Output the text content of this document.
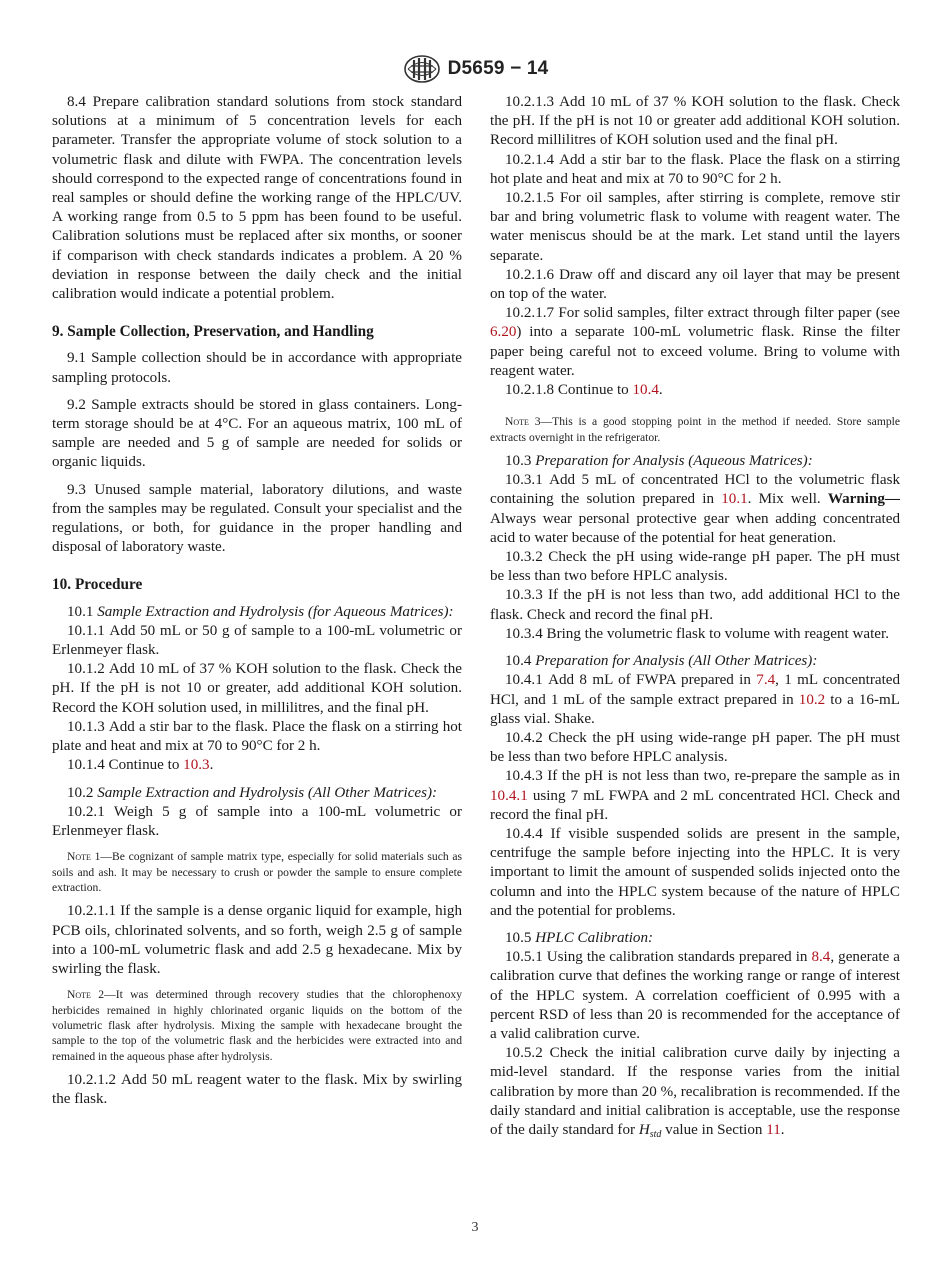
D5659 − 14

8.4 Prepare calibration standard solutions from stock standard solutions at a minimum of 5 concentration levels for each parameter. Transfer the appropriate volume of stock solution to a volumetric flask and dilute with FWPA. The concentration levels should correspond to the expected range of concentrations found in real samples or should define the working range of the HPLC/UV. A working range from 0.5 to 5 ppm has been found to be useful. Calibration solutions must be replaced after six months, or sooner if comparison with check standards indicates a problem. A 20 % deviation in response between the daily check and the initial calibration would indicate a potential problem.

9. Sample Collection, Preservation, and Handling

9.1 Sample collection should be in accordance with appropriate sampling protocols.

9.2 Sample extracts should be stored in glass containers. Long-term storage should be at 4°C. For an aqueous matrix, 100 mL of sample are needed and 5 g of sample are needed for solids or organic liquids.

9.3 Unused sample material, laboratory dilutions, and waste from the samples may be regulated. Consult your specialist and the regulations, or both, for guidance in the proper handling and disposal of laboratory waste.

10. Procedure

10.1 Sample Extraction and Hydrolysis (for Aqueous Matrices):

10.1.1 Add 50 mL or 50 g of sample to a 100-mL volumetric or Erlenmeyer flask.

10.1.2 Add 10 mL of 37 % KOH solution to the flask. Check the pH. If the pH is not 10 or greater, add additional KOH solution. Record the KOH solution used, in millilitres, and the final pH.

10.1.3 Add a stir bar to the flask. Place the flask on a stirring hot plate and heat and mix at 70 to 90°C for 2 h.

10.1.4 Continue to 10.3.

10.2 Sample Extraction and Hydrolysis (All Other Matrices):

10.2.1 Weigh 5 g of sample into a 100-mL volumetric or Erlenmeyer flask.

Note 1—Be cognizant of sample matrix type, especially for solid materials such as soils and ash. It may be necessary to crush or powder the sample to ensure complete extraction.

10.2.1.1 If the sample is a dense organic liquid for example, high PCB oils, chlorinated solvents, and so forth, weigh 2.5 g of sample into a 100-mL volumetric flask and add 2.5 g hexadecane. Mix by swirling the flask.

Note 2—It was determined through recovery studies that the chlorophenoxy herbicides remained in highly chlorinated organic liquids on the bottom of the volumetric flask after hydrolysis. Mixing the sample with hexadecane brought the sample to the top of the volumetric flask and the herbicides were extracted into and remained in the aqueous phase after hydrolysis.

10.2.1.2 Add 50 mL reagent water to the flask. Mix by swirling the flask.

10.2.1.3 Add 10 mL of 37 % KOH solution to the flask. Check the pH. If the pH is not 10 or greater add additional KOH solution. Record millilitres of KOH solution used and the final pH.

10.2.1.4 Add a stir bar to the flask. Place the flask on a stirring hot plate and heat and mix at 70 to 90°C for 2 h.

10.2.1.5 For oil samples, after stirring is complete, remove stir bar and bring volumetric flask to volume with reagent water. The water meniscus should be at the mark. Let stand until the layers separate.

10.2.1.6 Draw off and discard any oil layer that may be present on top of the water.

10.2.1.7 For solid samples, filter extract through filter paper (see 6.20) into a separate 100-mL volumetric flask. Rinse the filter paper being careful not to exceed volume. Bring to volume with reagent water.

10.2.1.8 Continue to 10.4.

Note 3—This is a good stopping point in the method if needed. Store sample extracts overnight in the refrigerator.

10.3 Preparation for Analysis (Aqueous Matrices):

10.3.1 Add 5 mL of concentrated HCl to the volumetric flask containing the solution prepared in 10.1. Mix well. Warning—Always wear personal protective gear when adding concentrated acid to water because of the potential for heat generation.

10.3.2 Check the pH using wide-range pH paper. The pH must be less than two before HPLC analysis.

10.3.3 If the pH is not less than two, add additional HCl to the flask. Check and record the final pH.

10.3.4 Bring the volumetric flask to volume with reagent water.

10.4 Preparation for Analysis (All Other Matrices):

10.4.1 Add 8 mL of FWPA prepared in 7.4, 1 mL concentrated HCl, and 1 mL of the sample extract prepared in 10.2 to a 16-mL glass vial. Shake.

10.4.2 Check the pH using wide-range pH paper. The pH must be less than two before HPLC analysis.

10.4.3 If the pH is not less than two, re-prepare the sample as in 10.4.1 using 7 mL FWPA and 2 mL concentrated HCl. Check and record the final pH.

10.4.4 If visible suspended solids are present in the sample, centrifuge the sample before injecting into the HPLC. It is very important to limit the amount of suspended solids injected onto the column and into the HPLC system because of the nature of HPLC and the potential for problems.

10.5 HPLC Calibration:

10.5.1 Using the calibration standards prepared in 8.4, generate a calibration curve that defines the working range or range of interest of the HPLC system. A correlation coefficient of 0.995 with a percent RSD of less than 20 is recommended for the acceptance of a valid calibration curve.

10.5.2 Check the initial calibration curve daily by injecting a mid-level standard. If the response varies from the initial calibration by more than 20 %, recalibration is recommended. If the daily standard and initial calibration is acceptable, use the response of the daily standard for $H_{std}$ value in Section 11.

3
